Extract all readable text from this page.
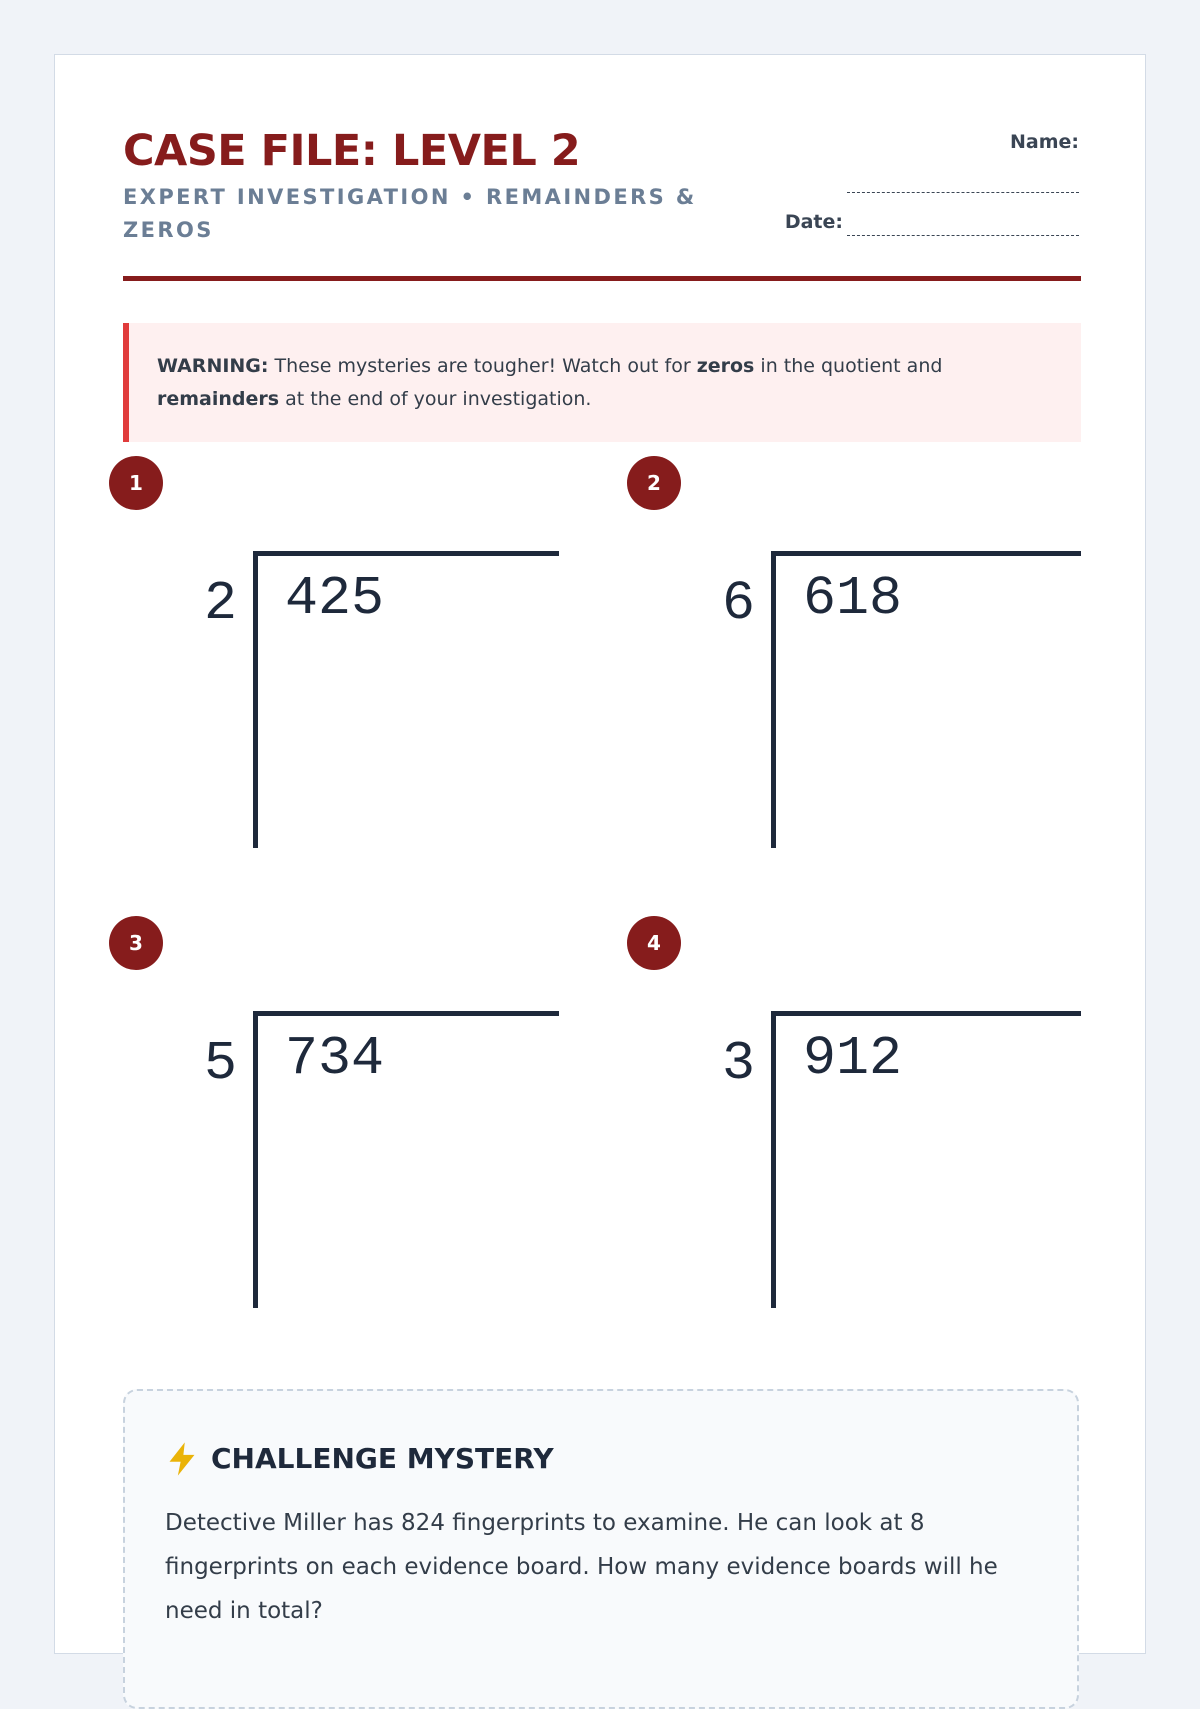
CASE FILE: LEVEL 2
EXPERT INVESTIGATION • REMAINDERS & ZEROS
Name:
Date:
WARNING: These mysteries are tougher! Watch out for zeros in the quotient and remainders at the end of your investigation.
1
2 425
2
6 618
3
5 734
4
3 912
CHALLENGE MYSTERY
Detective Miller has 824 fingerprints to examine. He can look at 8 fingerprints on each evidence board. How many evidence boards will he need in total?
